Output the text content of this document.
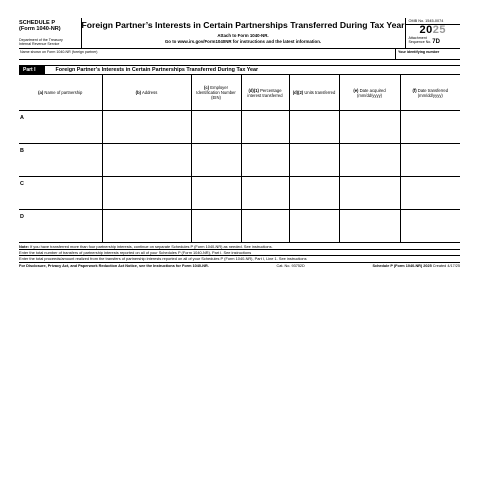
SCHEDULE P
(Form 1040-NR)
Department of the Treasury
Internal Revenue Service
Foreign Partner’s Interests in Certain Partnerships Transferred During Tax Year
Attach to Form 1040-NR.
Go to www.irs.gov/Form1040NR for instructions and the latest information.
OMB No. 1545-0074
2025
Attachment
Sequence No. 7D
Name shown on Form 1040-NR (foreign partner)	Your identifying number
Part I	Foreign Partner’s Interests in Certain Partnerships Transferred During Tax Year
(a) Name of partnership	(b) Address	(c) Employer Identification Number (EIN)	(d)(1) Percentage interest transferred	(d)(2) Units transferred	(e) Date acquired (mm/dd/yyyy)	(f) Date transferred (mm/dd/yyyy)
A						
B						
C						
D						
Note: If you have transferred more than four partnership interests, continue on separate Schedules P (Form 1040-NR) as needed. See instructions.
Enter the total number of transfers of partnership interests reported on all of your Schedules P (Form 1040-NR), Part I. See instructions
Enter the total proceeds/amount realized from the transfers of partnership interests reported on all of your Schedules P (Form 1040-NR), Part I, Line 1. See instructions
For Disclosure, Privacy Act, and Paperwork Reduction Act Notice, see the Instructions for Form 1040-NR.	Cat. No. 93752D	Schedule P (Form 1040-NR) 2025 Created 4/17/25
